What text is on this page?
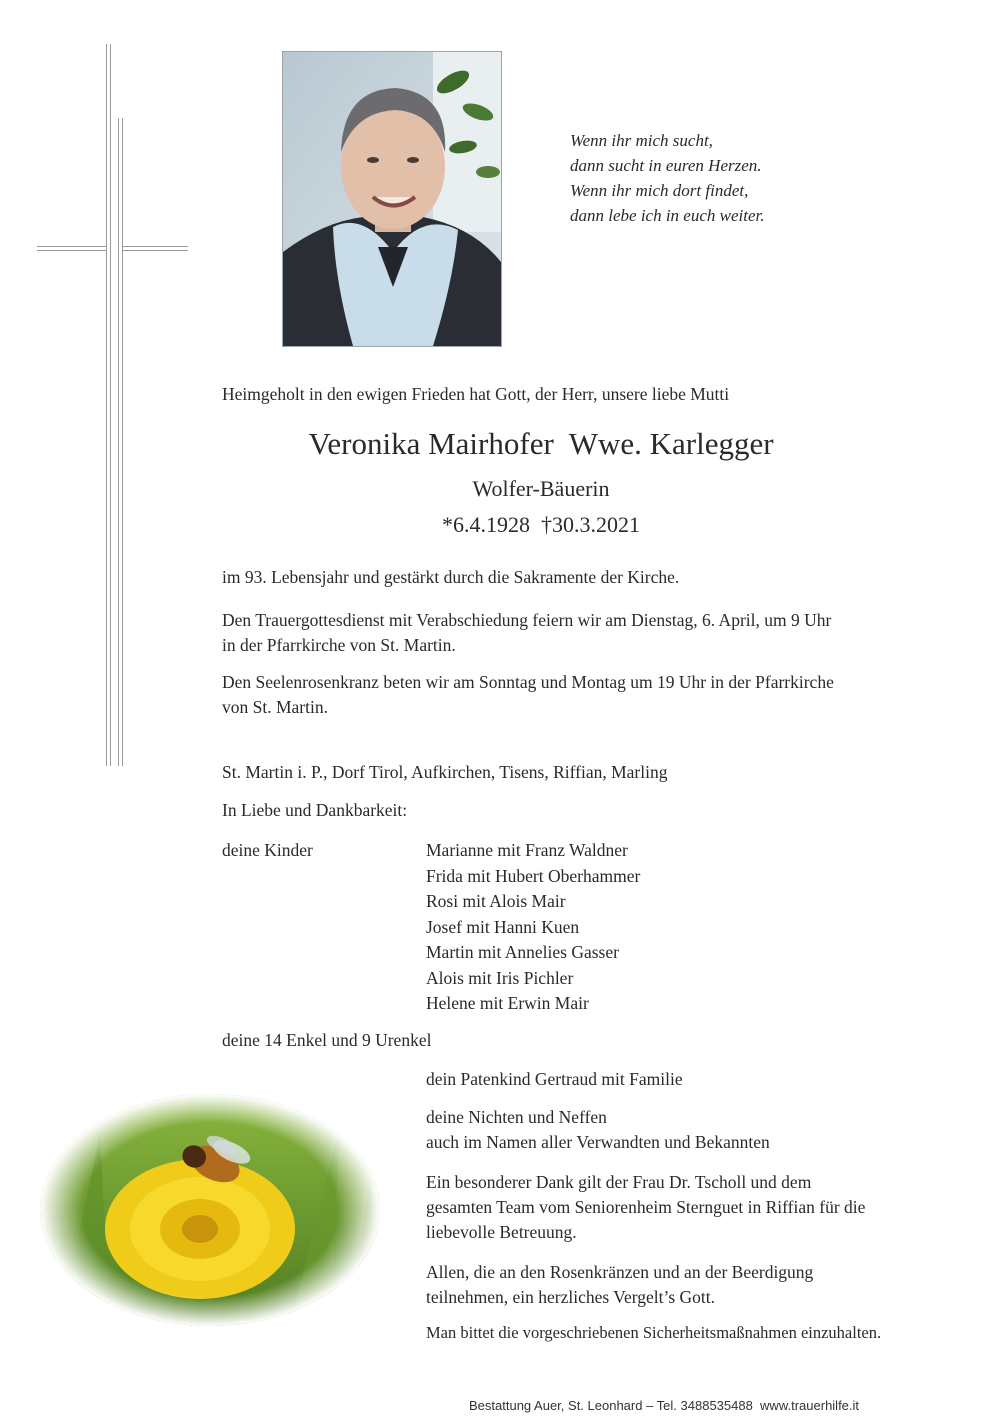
Wenn ihr mich sucht,
dann sucht in euren Herzen.
Wenn ihr mich dort findet,
dann lebe ich in euch weiter.
Heimgeholt in den ewigen Frieden hat Gott, der Herr, unsere liebe Mutti
Veronika Mairhofer  Wwe. Karlegger
Wolfer-Bäuerin
*6.4.1928  †30.3.2021
im 93. Lebensjahr und gestärkt durch die Sakramente der Kirche.
Den Trauergottesdienst mit Verabschiedung feiern wir am Dienstag, 6. April, um 9 Uhr
in der Pfarrkirche von St. Martin.
Den Seelenrosenkranz beten wir am Sonntag und Montag um 19 Uhr in der Pfarrkirche
von St. Martin.
St. Martin i. P., Dorf Tirol, Aufkirchen, Tisens, Riffian, Marling
In Liebe und Dankbarkeit:
deine Kinder	Marianne mit Franz Waldner
Frida mit Hubert Oberhammer
Rosi mit Alois Mair
Josef mit Hanni Kuen
Martin mit Annelies Gasser
Alois mit Iris Pichler
Helene mit Erwin Mair
deine 14 Enkel und 9 Urenkel
dein Patenkind Gertraud mit Familie
deine Nichten und Neffen
auch im Namen aller Verwandten und Bekannten
Ein besonderer Dank gilt der Frau Dr. Tscholl und dem
gesamten Team vom Seniorenheim Sternguet in Riffian für die
liebevolle Betreuung.
Allen, die an den Rosenkränzen und an der Beerdigung
teilnehmen, ein herzliches Vergelt’s Gott.
Man bittet die vorgeschriebenen Sicherheitsmaßnahmen einzuhalten.
Bestattung Auer, St. Leonhard – Tel. 3488535488  www.trauerhilfe.it
